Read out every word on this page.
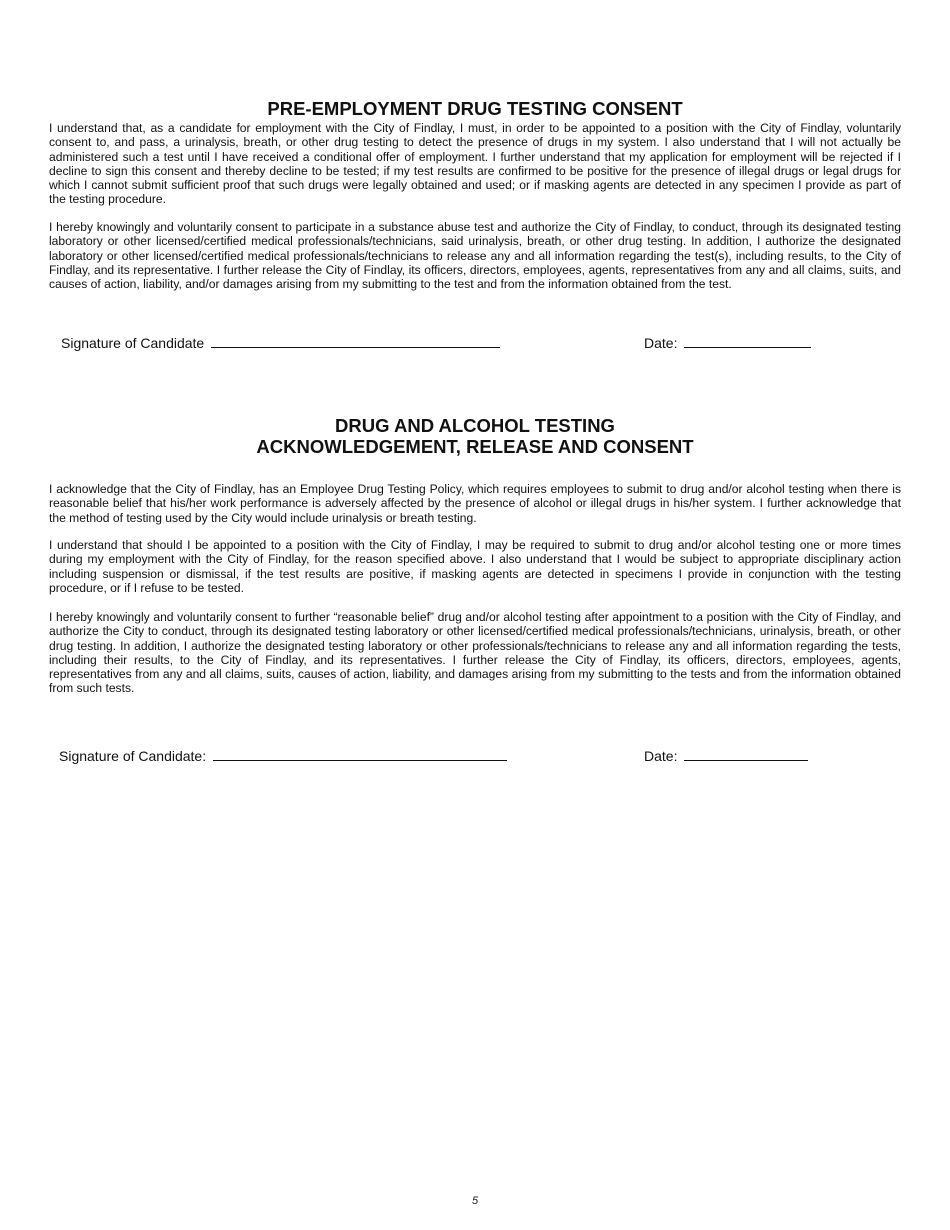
PRE-EMPLOYMENT DRUG TESTING CONSENT

I understand that, as a candidate for employment with the City of Findlay, I must, in order to be appointed to a position with the City of Findlay, voluntarily consent to, and pass, a urinalysis, breath, or other drug testing to detect the presence of drugs in my system. I also understand that I will not actually be administered such a test until I have received a conditional offer of employment. I further understand that my application for employment will be rejected if I decline to sign this consent and thereby decline to be tested; if my test results are confirmed to be positive for the presence of illegal drugs or legal drugs for which I cannot submit sufficient proof that such drugs were legally obtained and used; or if masking agents are detected in any specimen I provide as part of the testing procedure.

I hereby knowingly and voluntarily consent to participate in a substance abuse test and authorize the City of Findlay, to conduct, through its designated testing laboratory or other licensed/certified medical professionals/technicians, said urinalysis, breath, or other drug testing. In addition, I authorize the designated laboratory or other licensed/certified medical professionals/technicians to release any and all information regarding the test(s), including results, to the City of Findlay, and its representative. I further release the City of Findlay, its officers, directors, employees, agents, representatives from any and all claims, suits, and causes of action, liability, and/or damages arising from my submitting to the test and from the information obtained from the test.

Signature of Candidate	Date:
DRUG AND ALCOHOL TESTING
ACKNOWLEDGEMENT, RELEASE AND CONSENT

I acknowledge that the City of Findlay, has an Employee Drug Testing Policy, which requires employees to submit to drug and/or alcohol testing when there is reasonable belief that his/her work performance is adversely affected by the presence of alcohol or illegal drugs in his/her system. I further acknowledge that the method of testing used by the City would include urinalysis or breath testing.

I understand that should I be appointed to a position with the City of Findlay, I may be required to submit to drug and/or alcohol testing one or more times during my employment with the City of Findlay, for the reason specified above. I also understand that I would be subject to appropriate disciplinary action including suspension or dismissal, if the test results are positive, if masking agents are detected in specimens I provide in conjunction with the testing procedure, or if I refuse to be tested.

I hereby knowingly and voluntarily consent to further “reasonable belief” drug and/or alcohol testing after appointment to a position with the City of Findlay, and authorize the City to conduct, through its designated testing laboratory or other licensed/certified medical professionals/technicians, urinalysis, breath, or other drug testing. In addition, I authorize the designated testing laboratory or other professionals/technicians to release any and all information regarding the tests, including their results, to the City of Findlay, and its representatives. I further release the City of Findlay, its officers, directors, employees, agents, representatives from any and all claims, suits, causes of action, liability, and damages arising from my submitting to the tests and from the information obtained from such tests.

Signature of Candidate:	Date:
5
